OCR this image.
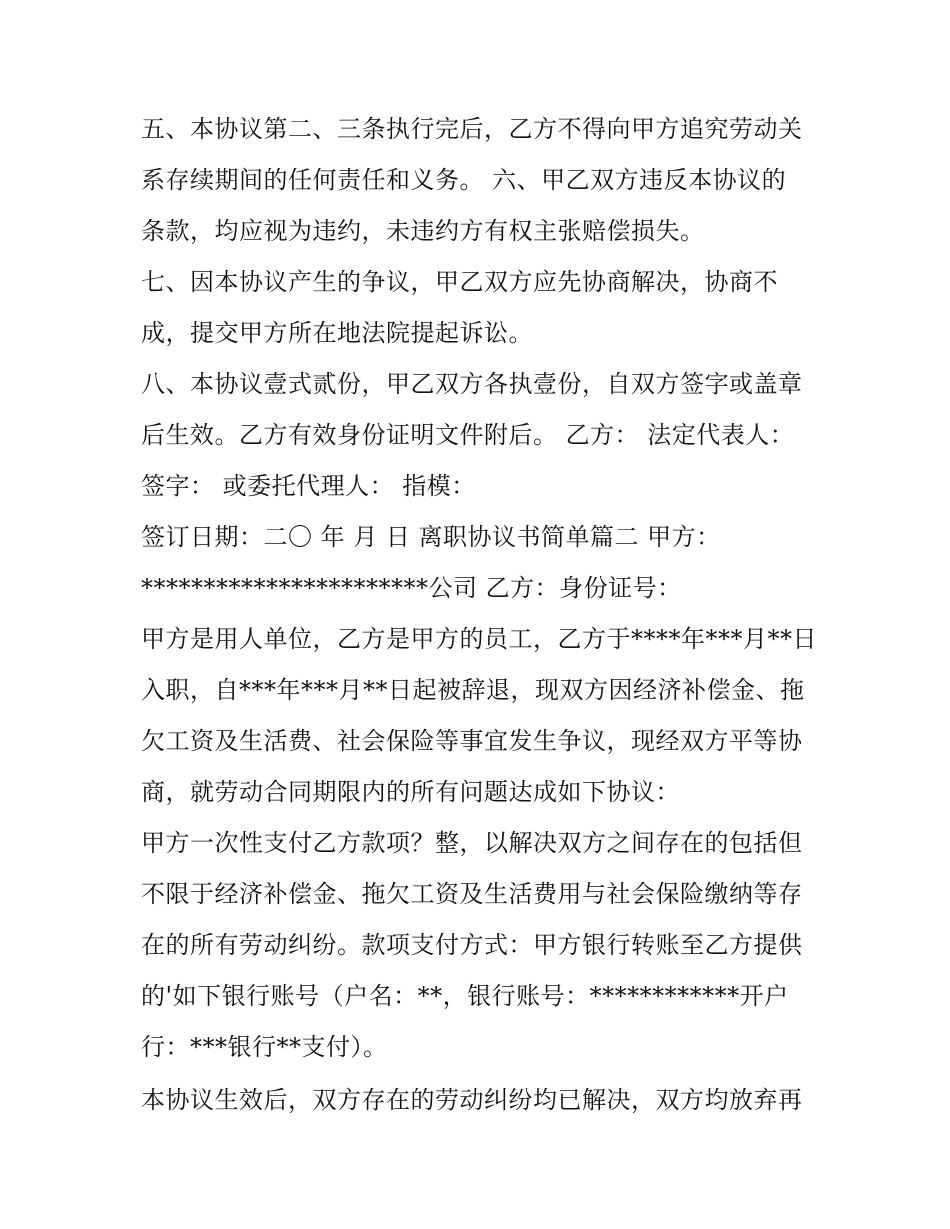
五、本协议第二、三条执行完后，乙方不得向甲方追究劳动关
系存续期间的任何责任和义务。 六、甲乙双方违反本协议的
条款，均应视为违约，未违约方有权主张赔偿损失。
七、因本协议产生的争议，甲乙双方应先协商解决，协商不
成，提交甲方所在地法院提起诉讼。
八、本协议壹式贰份，甲乙双方各执壹份，自双方签字或盖章
后生效。乙方有效身份证明文件附后。 乙方： 法定代表人：
签字： 或委托代理人： 指模：
签订日期：二〇 年 月 日 离职协议书简单篇二 甲方：
***********************公司 乙方：身份证号：
甲方是用人单位，乙方是甲方的员工，乙方于****年***月**日
入职，自***年***月**日起被辞退，现双方因经济补偿金、拖
欠工资及生活费、社会保险等事宜发生争议，现经双方平等协
商，就劳动合同期限内的所有问题达成如下协议：
甲方一次性支付乙方款项？整，以解决双方之间存在的包括但
不限于经济补偿金、拖欠工资及生活费用与社会保险缴纳等存
在的所有劳动纠纷。款项支付方式：甲方银行转账至乙方提供
的'如下银行账号（户名：**，银行账号：************开户
行：***银行**支付）。
本协议生效后，双方存在的劳动纠纷均已解决，双方均放弃再
